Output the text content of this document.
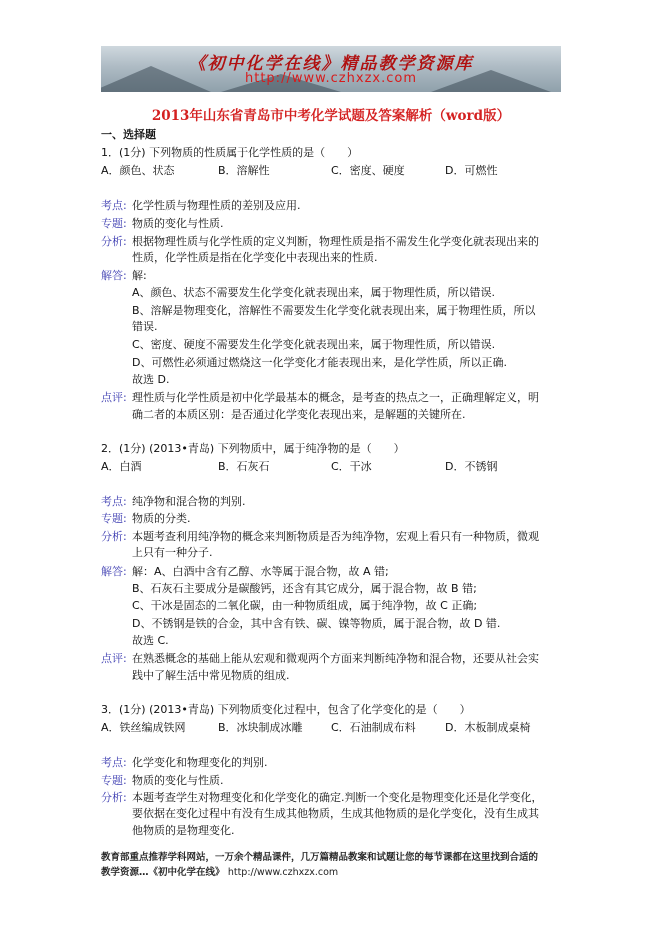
《初中化学在线》精品教学资源库
http://www.czhxzx.com
2013年山东省青岛市中考化学试题及答案解析（word版）
一、选择题
1．(1分) 下列物质的性质属于化学性质的是（　　）
A．颜色、状态	B．溶解性	C．密度、硬度	D．可燃性
考点: 化学性质与物理性质的差别及应用.
专题: 物质的变化与性质.
分析: 根据物理性质与化学性质的定义判断，物理性质是指不需发生化学变化就表现出来的
性质，化学性质是指在化学变化中表现出来的性质.
解答: 解:
A、颜色、状态不需要发生化学变化就表现出来，属于物理性质，所以错误.
B、溶解是物理变化，溶解性不需要发生化学变化就表现出来，属于物理性质，所以
错误.
C、密度、硬度不需要发生化学变化就表现出来，属于物理性质，所以错误.
D、可燃性必须通过燃烧这一化学变化才能表现出来，是化学性质，所以正确.
故选 D.
点评: 理性质与化学性质是初中化学最基本的概念，是考查的热点之一，正确理解定义，明
确二者的本质区别：是否通过化学变化表现出来，是解题的关键所在.
2．(1分) (2013•青岛) 下列物质中，属于纯净物的是（　　）
A．白酒	B．石灰石	C．干冰	D．不锈钢
考点: 纯净物和混合物的判别.
专题: 物质的分类.
分析: 本题考查利用纯净物的概念来判断物质是否为纯净物，宏观上看只有一种物质，微观
上只有一种分子.
解答: 解：A、白酒中含有乙醇、水等属于混合物，故 A 错;
B、石灰石主要成分是碳酸钙，还含有其它成分，属于混合物，故 B 错;
C、干冰是固态的二氧化碳，由一种物质组成，属于纯净物，故 C 正确;
D、不锈钢是铁的合金，其中含有铁、碳、镍等物质，属于混合物，故 D 错.
故选 C.
点评: 在熟悉概念的基础上能从宏观和微观两个方面来判断纯净物和混合物，还要从社会实
践中了解生活中常见物质的组成.
3．(1分) (2013•青岛) 下列物质变化过程中，包含了化学变化的是（　　）
A．铁丝编成铁网	B．冰块制成冰雕	C．石油制成布料	D．木板制成桌椅
考点: 化学变化和物理变化的判别.
专题: 物质的变化与性质.
分析: 本题考查学生对物理变化和化学变化的确定.判断一个变化是物理变化还是化学变化，
要依据在变化过程中有没有生成其他物质，生成其他物质的是化学变化，没有生成其
他物质的是物理变化.
教育部重点推荐学科网站，一万余个精品课件，几万篇精品教案和试题让您的每节课都在这里找到合适的
教学资源…《初中化学在线》 http://www.czhxzx.com
